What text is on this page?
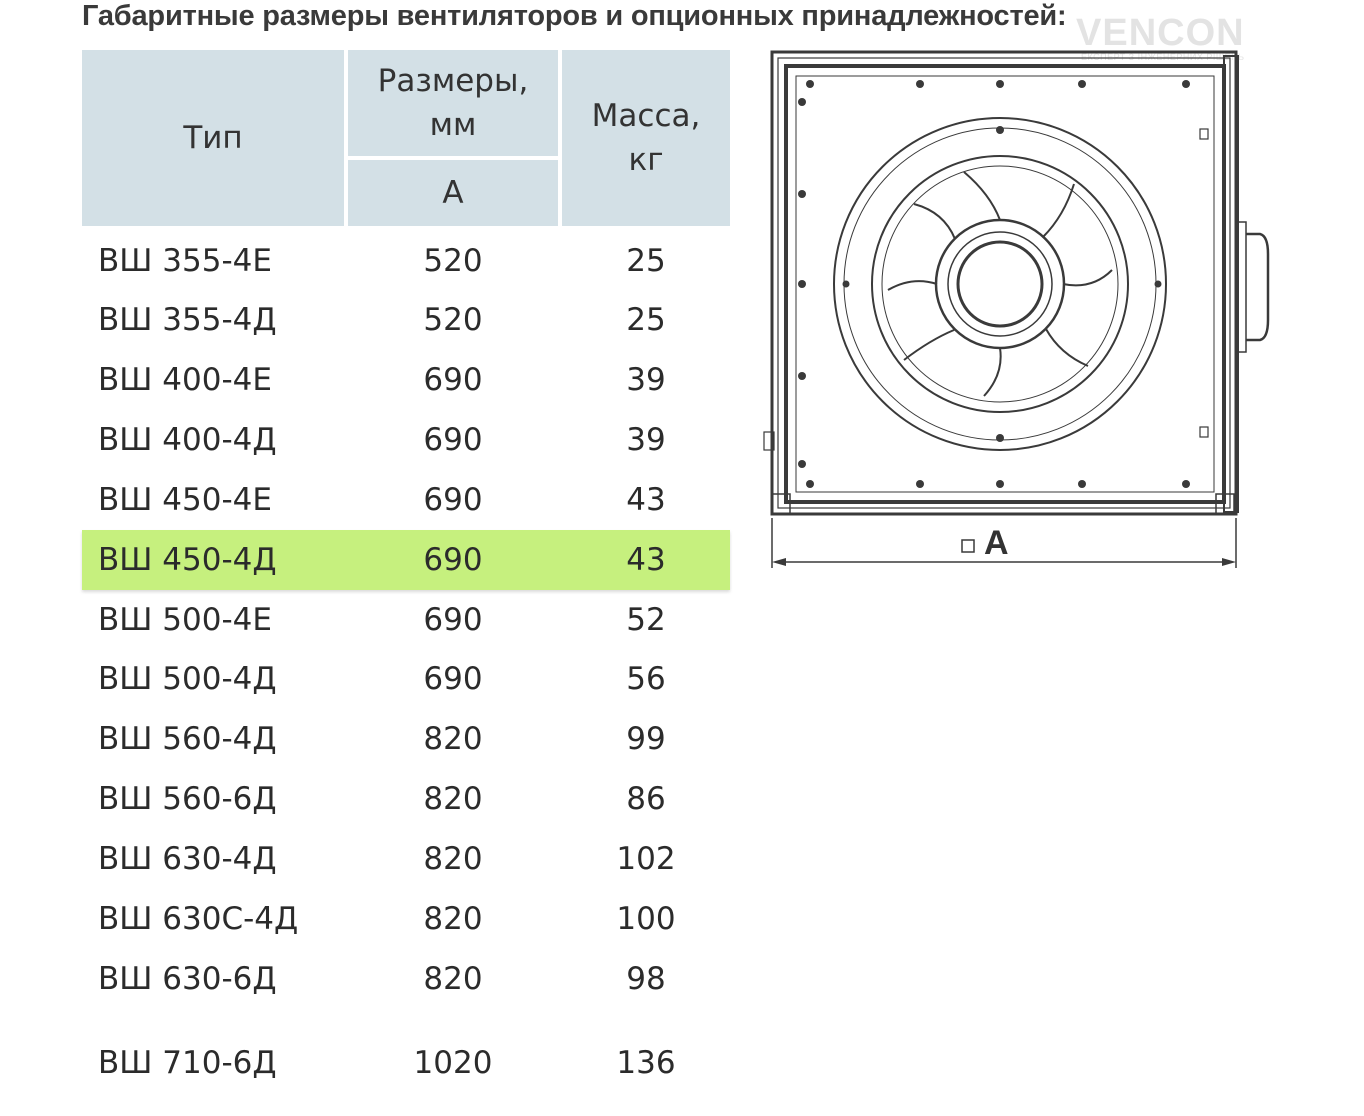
Габаритные размеры вентиляторов и опционных принадлежностей: VENCON
ЕКСПЕРТ З ІНЖЕНЕРНИХ РІШЕНЬ
Тип
Размеры, мм
А
Масса, кг
ВШ 355-4Е	520	25
ВШ 355-4Д	520	25
ВШ 400-4Е	690	39
ВШ 400-4Д	690	39
ВШ 450-4Е	690	43
ВШ 450-4Д	690	43
ВШ 500-4Е	690	52
ВШ 500-4Д	690	56
ВШ 560-4Д	820	99
ВШ 560-6Д	820	86
ВШ 630-4Д	820	102
ВШ 630С-4Д	820	100
ВШ 630-6Д	820	98
ВШ 710-6Д	1020	136
A
